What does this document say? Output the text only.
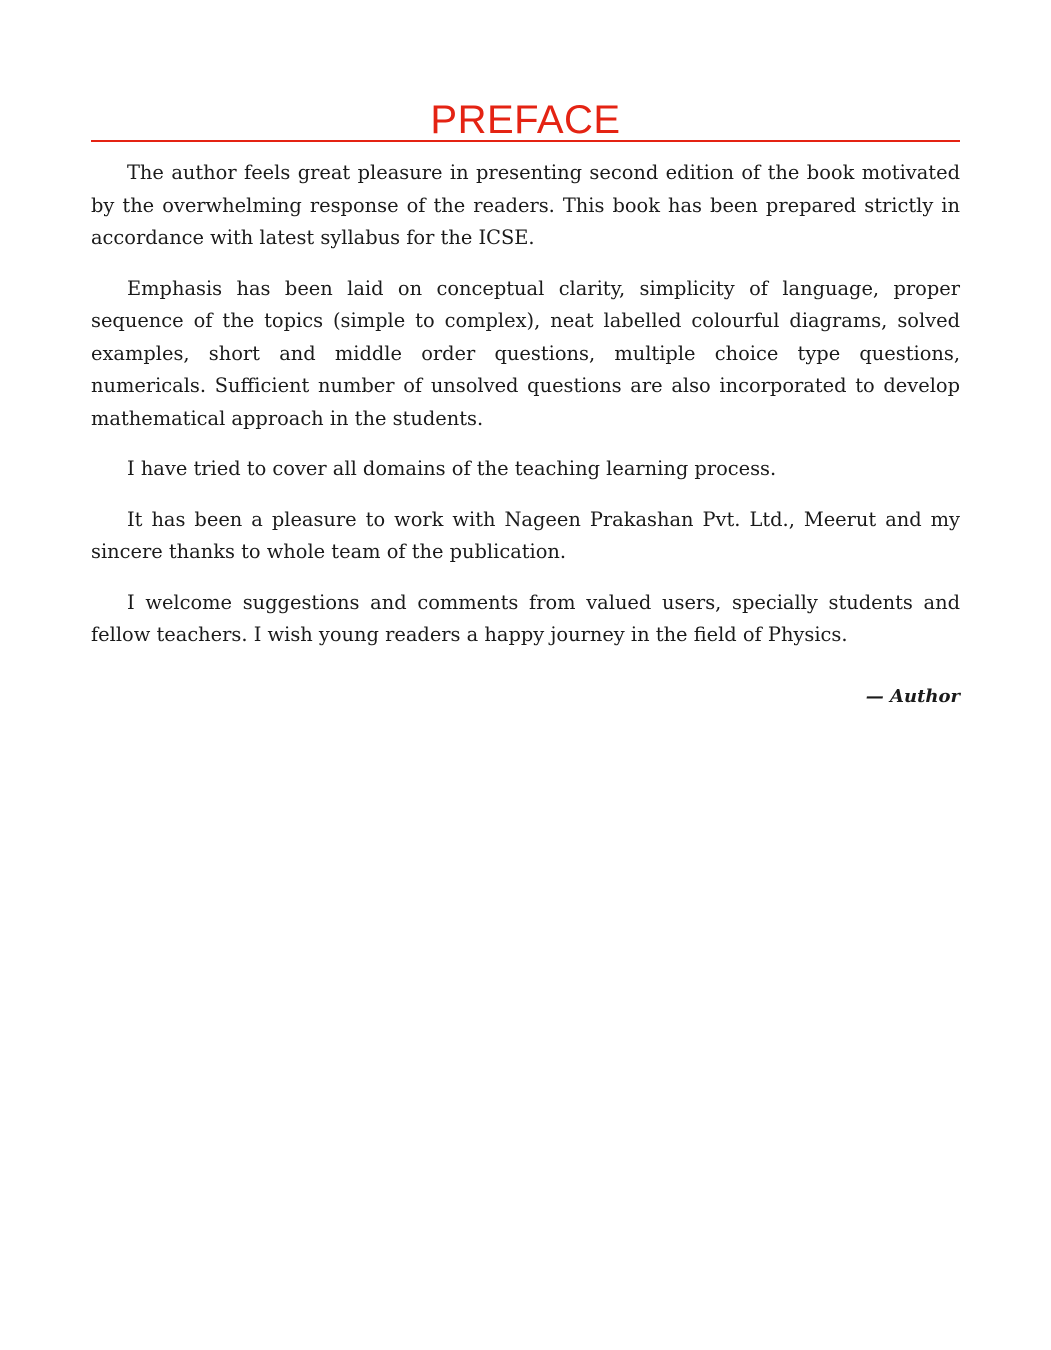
PREFACE

The author feels great pleasure in presenting second edition of the book motivated by the overwhelming response of the readers. This book has been prepared strictly in accordance with latest syllabus for the ICSE.

Emphasis has been laid on conceptual clarity, simplicity of language, proper sequence of the topics (simple to complex), neat labelled colourful diagrams, solved examples, short and middle order questions, multiple choice type questions, numericals. Sufficient number of unsolved questions are also incorporated to develop mathematical approach in the students.

I have tried to cover all domains of the teaching learning process.

It has been a pleasure to work with Nageen Prakashan Pvt. Ltd., Meerut and my sincere thanks to whole team of the publication.

I welcome suggestions and comments from valued users, specially students and fellow teachers. I wish young readers a happy journey in the field of Physics.

— Author
